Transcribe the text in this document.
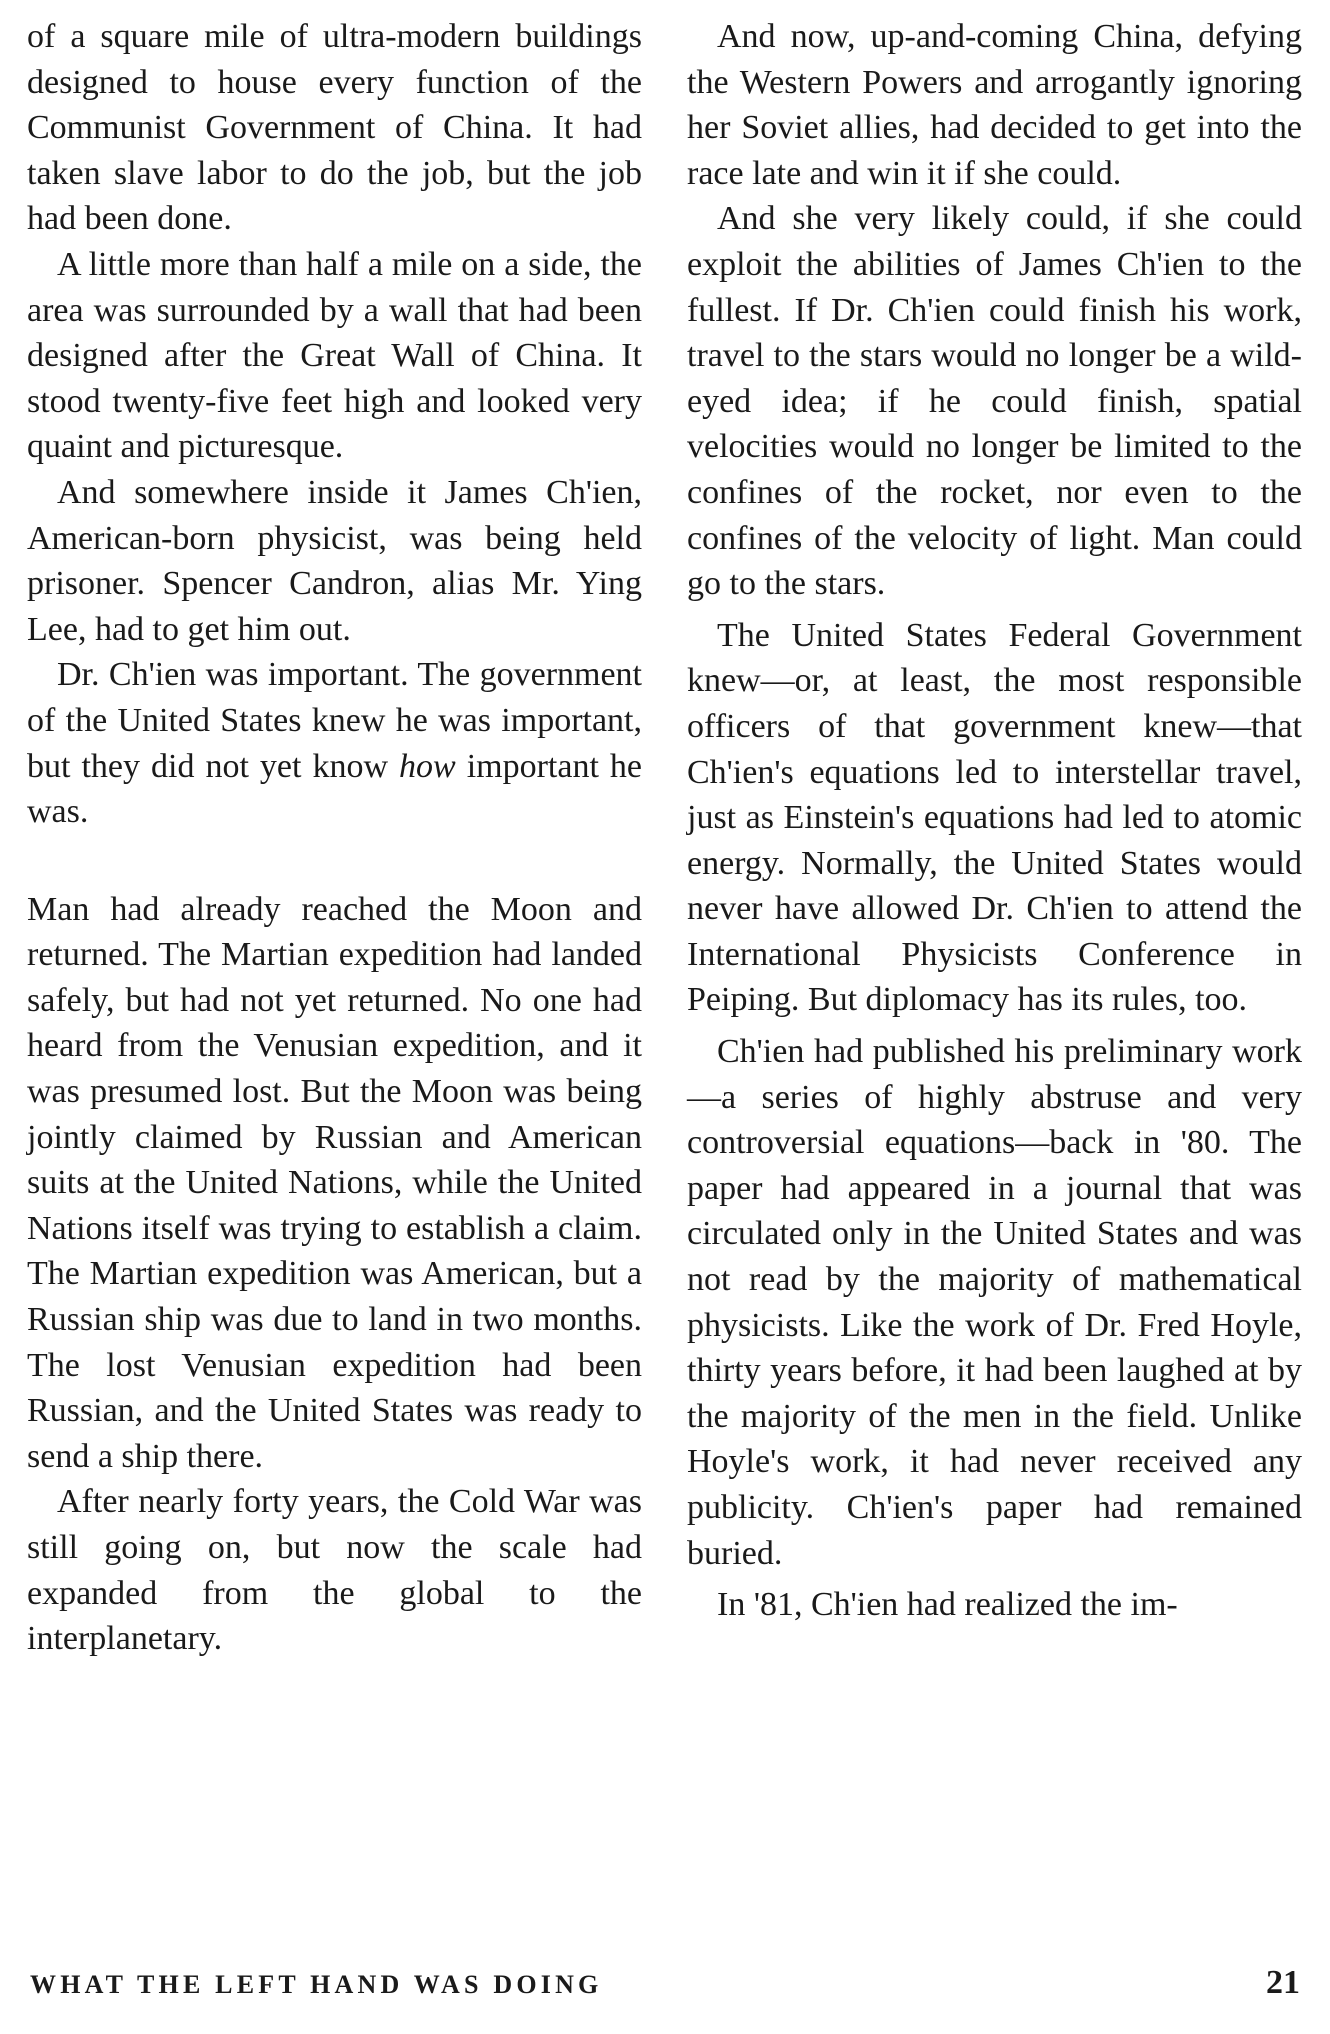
of a square mile of ultra-modern buildings designed to house every function of the Communist Government of China. It had taken slave labor to do the job, but the job had been done.

A little more than half a mile on a side, the area was surrounded by a wall that had been designed after the Great Wall of China. It stood twenty-five feet high and looked very quaint and picturesque.

And somewhere inside it James Ch'ien, American-born physicist, was being held prisoner. Spencer Candron, alias Mr. Ying Lee, had to get him out.

Dr. Ch'ien was important. The government of the United States knew he was important, but they did not yet know how important he was.

Man had already reached the Moon and returned. The Martian expedition had landed safely, but had not yet returned. No one had heard from the Venusian expedition, and it was presumed lost. But the Moon was being jointly claimed by Russian and American suits at the United Nations, while the United Nations itself was trying to establish a claim. The Martian expedition was American, but a Russian ship was due to land in two months. The lost Venusian expedition had been Russian, and the United States was ready to send a ship there.

After nearly forty years, the Cold War was still going on, but now the scale had expanded from the global to the interplanetary.

And now, up-and-coming China, defying the Western Powers and arrogantly ignoring her Soviet allies, had decided to get into the race late and win it if she could.

And she very likely could, if she could exploit the abilities of James Ch'ien to the fullest. If Dr. Ch'ien could finish his work, travel to the stars would no longer be a wild-eyed idea; if he could finish, spatial velocities would no longer be limited to the confines of the rocket, nor even to the confines of the velocity of light. Man could go to the stars.

The United States Federal Government knew—or, at least, the most responsible officers of that government knew—that Ch'ien's equations led to interstellar travel, just as Einstein's equations had led to atomic energy. Normally, the United States would never have allowed Dr. Ch'ien to attend the International Physicists Conference in Peiping. But diplomacy has its rules, too.

Ch'ien had published his preliminary work—a series of highly abstruse and very controversial equations—back in '80. The paper had appeared in a journal that was circulated only in the United States and was not read by the majority of mathematical physicists. Like the work of Dr. Fred Hoyle, thirty years before, it had been laughed at by the majority of the men in the field. Unlike Hoyle's work, it had never received any publicity. Ch'ien's paper had remained buried.

In '81, Ch'ien had realized the im-

WHAT THE LEFT HAND WAS DOING	21
